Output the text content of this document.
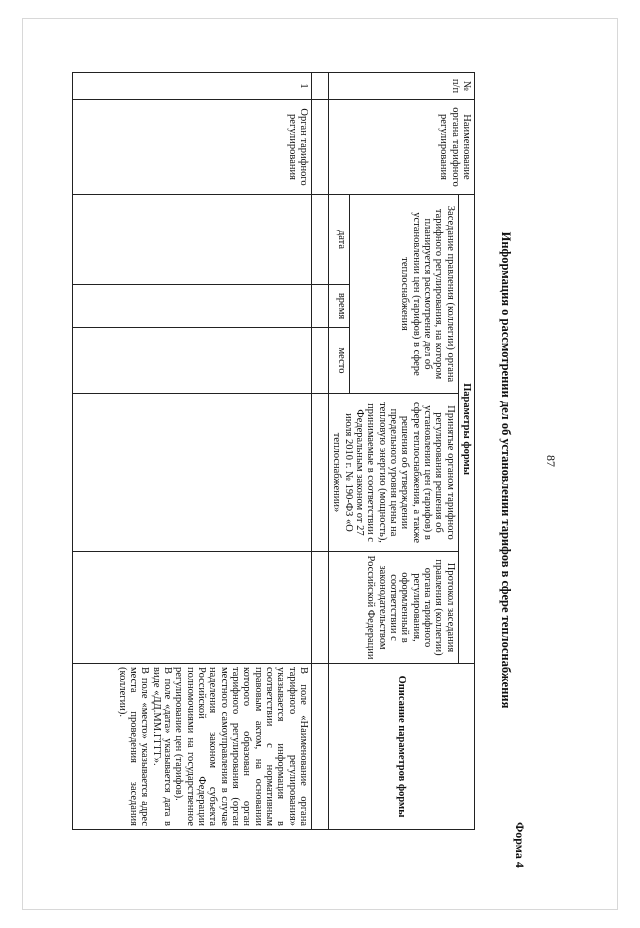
87
Форма 4
Информация о рассмотрении дел об установлении тарифов в сфере теплоснабжения
№ п/п	Наименование органа тарифного регулирования	Параметры формы					Описание параметров формы
		Заседание правления (коллегии) органа тарифного регулирования, на котором планируется рассмотрение дел об установлении цен (тарифов) в сфере теплоснабжения			Принятые органом тарифного регулирования решения об установлении цен (тарифов) в сфере теплоснабжения, а также решения об утверждении предельного уровня цены на тепловую энергию (мощность), принимаемые в соответствии с Федеральным законом от 27 июля 2010 г. № 190-ФЗ «О теплоснабжении»	Протокол заседания правления (коллегии) органа тарифного регулирования, оформленный в соответствии с законодательством Российской Федерации	
		дата	время	место			

1	Орган тарифного регулирования						В поле «Наименование органа тарифного регулирования» указывается информация в соответствии с нормативным правовым актом, на основании которого образован орган тарифного регулирования (орган местного самоуправления в случае наделения законом субъекта Российской Федерации полномочиями на государственное регулирование цен (тарифов).

В поле «дата» указывается дата в виде «ДД.ММ.ГГГГ».

В поле «место» указывается адрес места проведения заседания (коллегии).
